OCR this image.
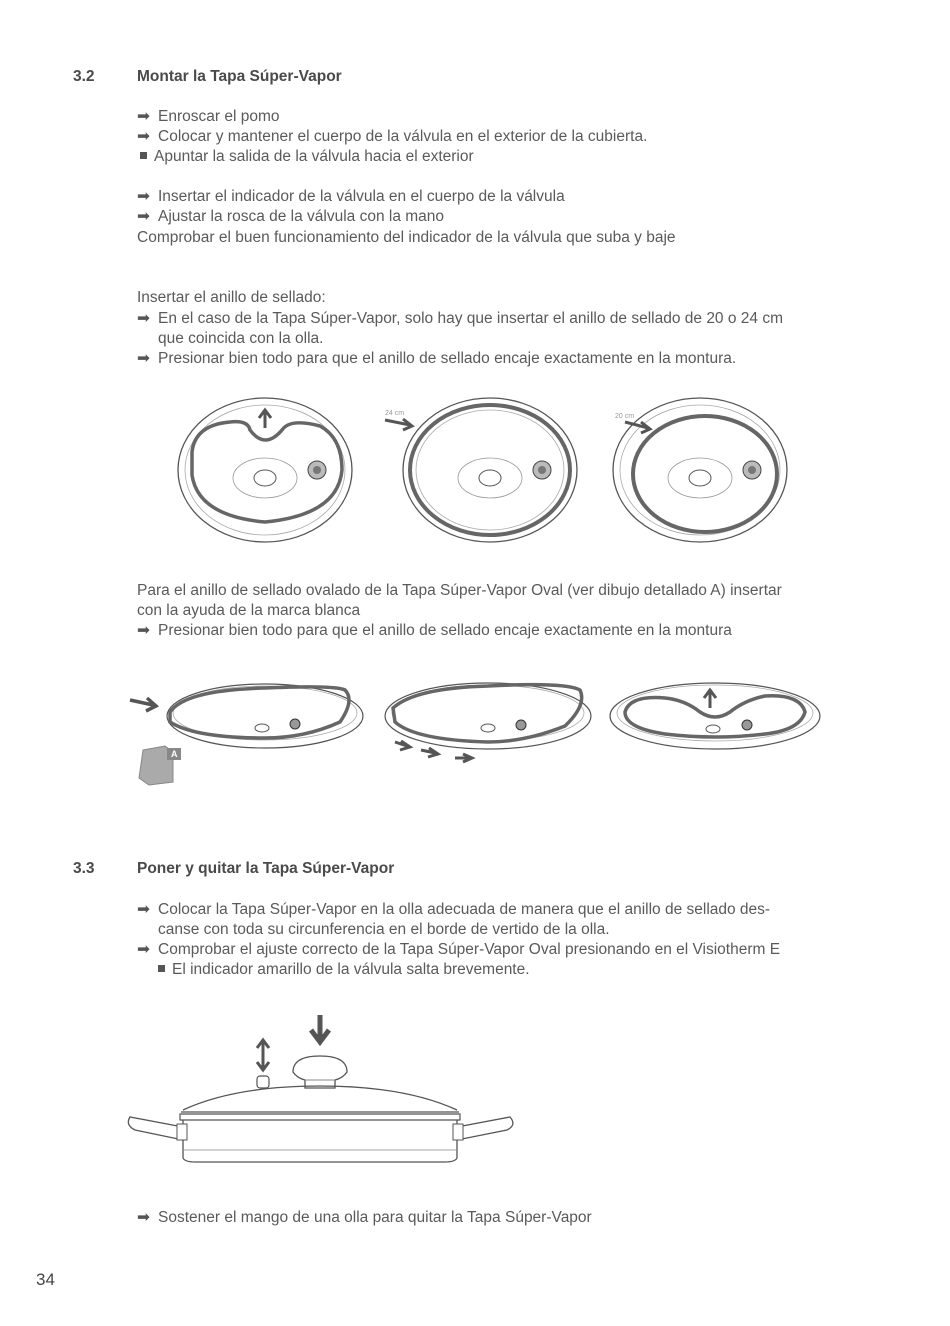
3.2	Montar la Tapa Súper-Vapor
➡ Enroscar el pomo
➡ Colocar y mantener el cuerpo de la válvula en el exterior de la cubierta.
Apuntar la salida de la válvula hacia el exterior
➡ Insertar el indicador de la válvula en el cuerpo de la válvula
➡ Ajustar la rosca de la válvula con la mano
Comprobar el buen funcionamiento del indicador de la válvula que suba y baje
Insertar el anillo de sellado:
➡ En el caso de la Tapa Súper-Vapor, solo hay que insertar el anillo de sellado de 20 o 24 cm
que coincida con la olla.
➡ Presionar bien todo para que el anillo de sellado encaje exactamente en la montura.
24 cm	20 cm
Para el anillo de sellado ovalado de la Tapa Súper-Vapor Oval (ver dibujo detallado A) insertar
con la ayuda de la marca blanca
➡ Presionar bien todo para que el anillo de sellado encaje exactamente en la montura
A
3.3	Poner y quitar la Tapa Súper-Vapor
➡ Colocar la Tapa Súper-Vapor en la olla adecuada de manera que el anillo de sellado des-
canse con toda su circunferencia en el borde de vertido de la olla.
➡ Comprobar el ajuste correcto de la Tapa Súper-Vapor Oval presionando en el Visiotherm E
El indicador amarillo de la válvula salta brevemente.
➡ Sostener el mango de una olla para quitar la Tapa Súper-Vapor
34
